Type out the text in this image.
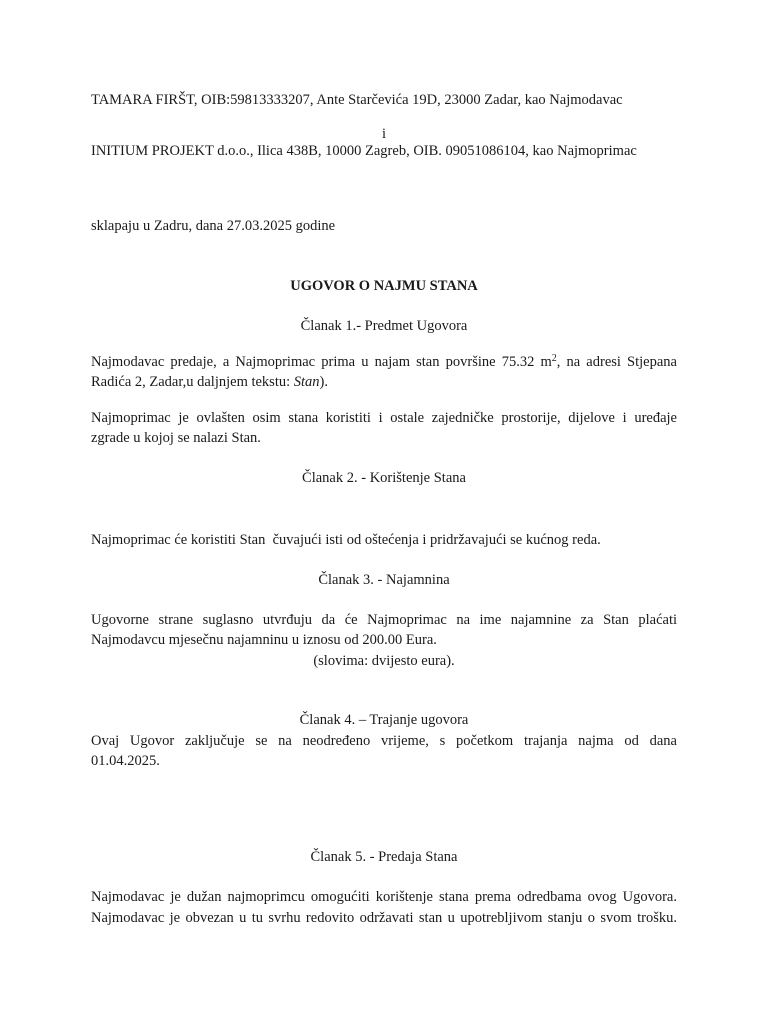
TAMARA FIRŠT, OIB:59813333207, Ante Starčevića 19D, 23000 Zadar, kao Najmodavac
i
INITIUM PROJEKT d.o.o., Ilica 438B, 10000 Zagreb, OIB. 09051086104, kao Najmoprimac
sklapaju u Zadru, dana 27.03.2025 godine
UGOVOR O NAJMU STANA
Članak 1.- Predmet Ugovora
Najmodavac predaje, a Najmoprimac prima u najam stan površine 75.32 $m^2$, na adresi Stjepana
Radića 2, Zadar,u daljnjem tekstu: Stan).
Najmoprimac je ovlašten osim stana koristiti i ostale zajedničke prostorije, dijelove i uređaje
zgrade u kojoj se nalazi Stan.
Članak 2. - Korištenje Stana
Najmoprimac će koristiti Stan  čuvajući isti od oštećenja i pridržavajući se kućnog reda.
Članak 3. - Najamnina
Ugovorne strane suglasno utvrđuju da će Najmoprimac na ime najamnine za Stan plaćati
Najmodavcu mjesečnu najamninu u iznosu od 200.00 Eura.
(slovima: dvijesto eura).
Članak 4. – Trajanje ugovora
Ovaj Ugovor zaključuje se na neodređeno vrijeme, s početkom trajanja najma od dana
01.04.2025.
Članak 5. - Predaja Stana
Najmodavac je dužan najmoprimcu omogućiti korištenje stana prema odredbama ovog Ugovora.
Najmodavac je obvezan u tu svrhu redovito održavati stan u upotrebljivom stanju o svom trošku.
